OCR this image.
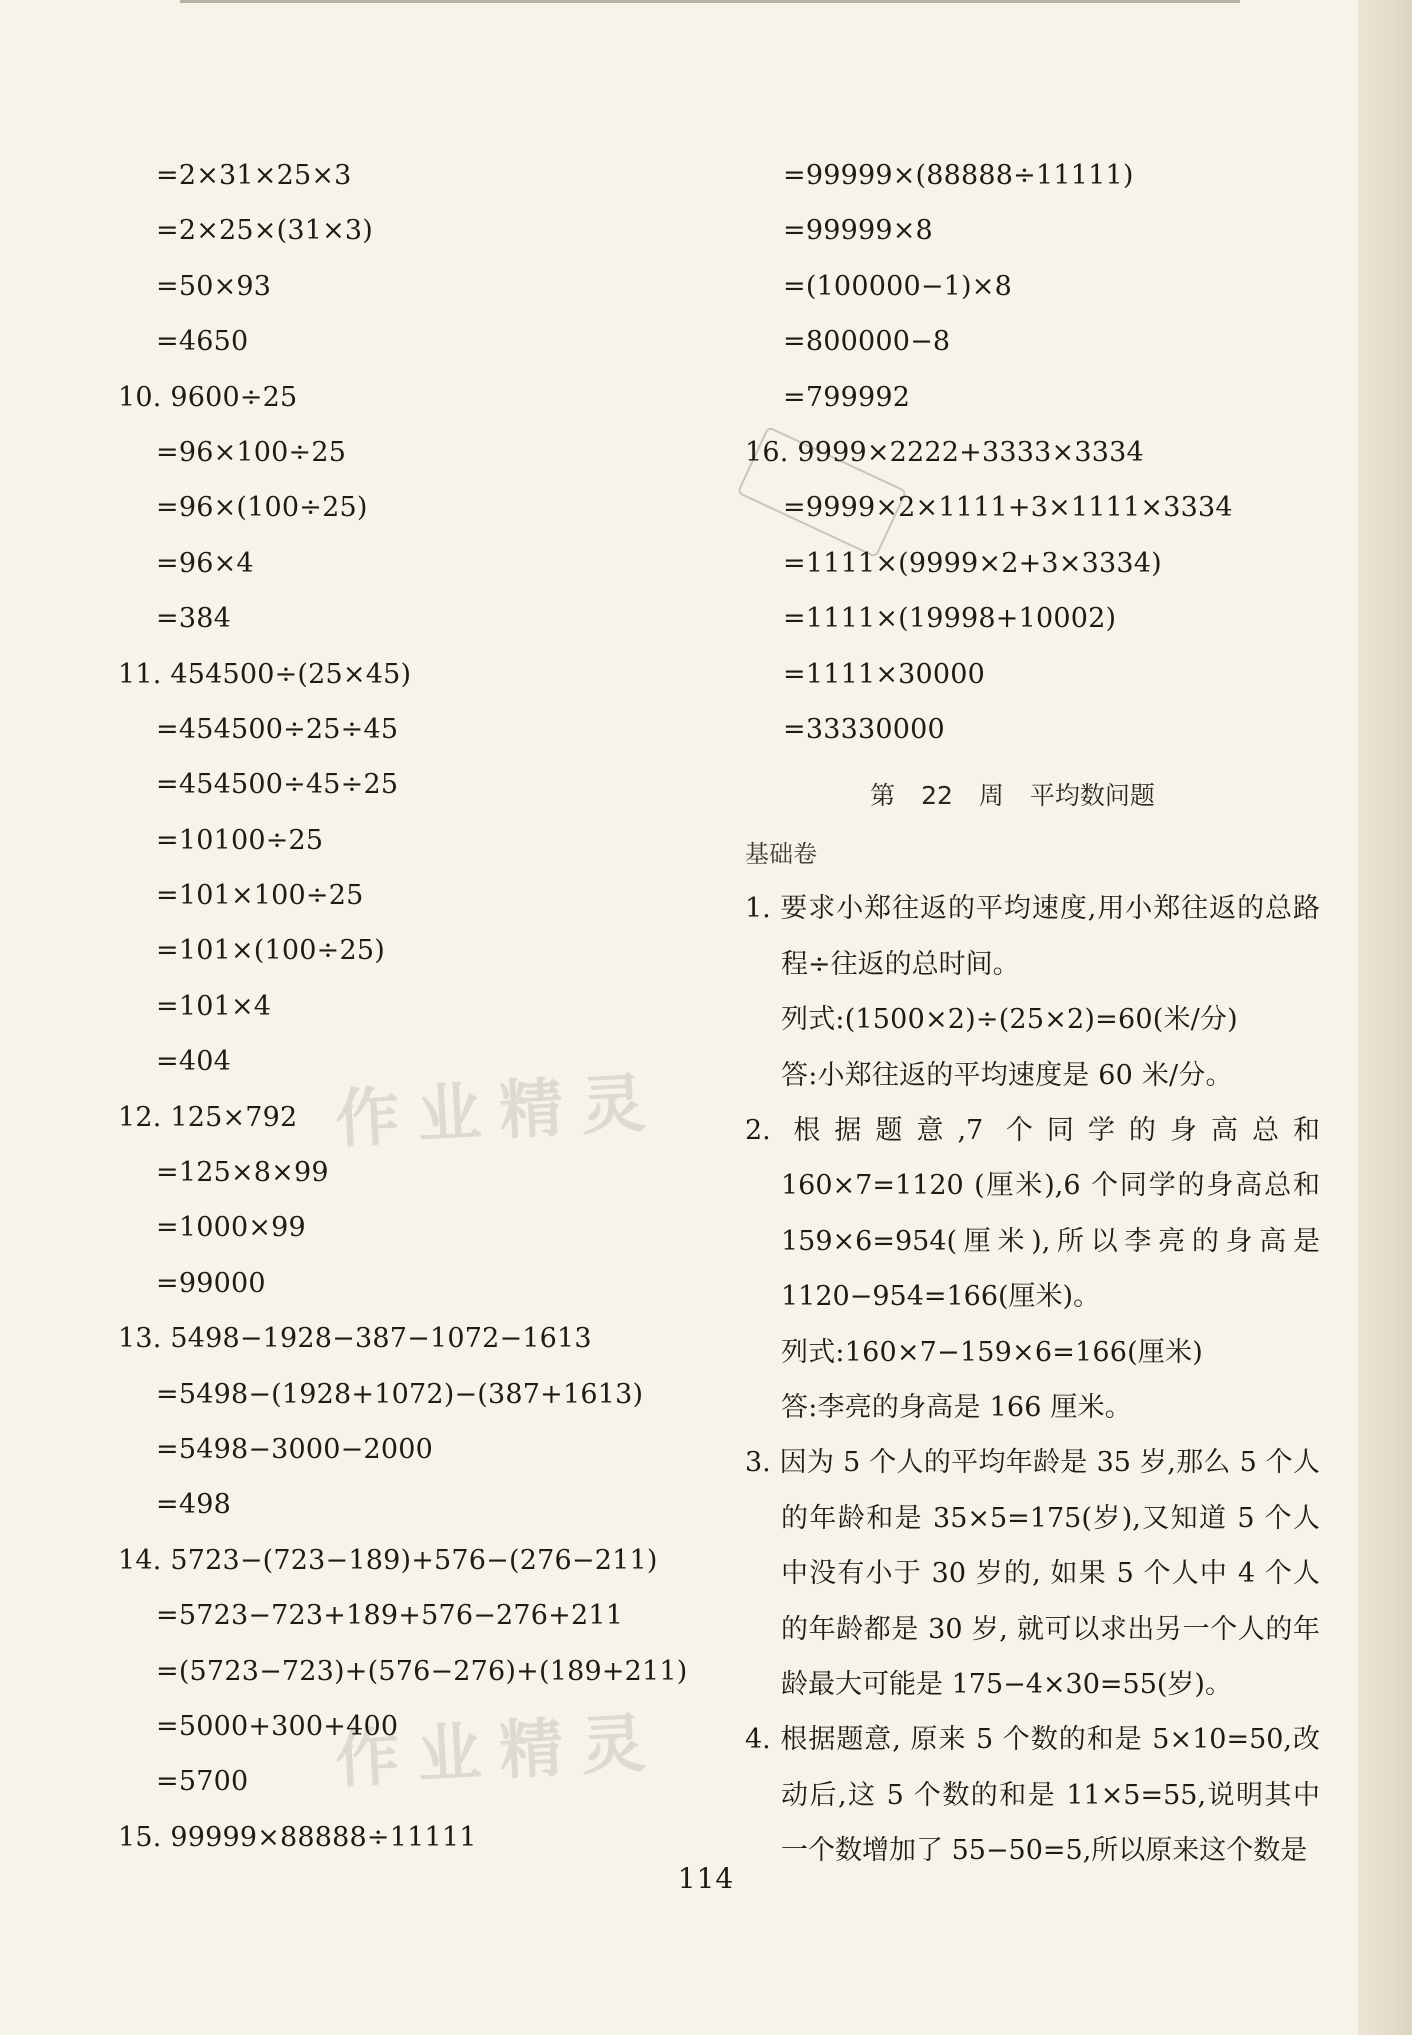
作业精灵
作业精灵
=2×31×25×3
=2×25×(31×3)
=50×93
=4650
10. 9600÷25
=96×100÷25
=96×(100÷25)
=96×4
=384
11. 454500÷(25×45)
=454500÷25÷45
=454500÷45÷25
=10100÷25
=101×100÷25
=101×(100÷25)
=101×4
=404
12. 125×792
=125×8×99
=1000×99
=99000
13. 5498−1928−387−1072−1613
=5498−(1928+1072)−(387+1613)
=5498−3000−2000
=498
14. 5723−(723−189)+576−(276−211)
=5723−723+189+576−276+211
=(5723−723)+(576−276)+(189+211)
=5000+300+400
=5700
15. 99999×88888÷11111
=99999×(88888÷11111)
=99999×8
=(100000−1)×8
=800000−8
=799992
16. 9999×2222+3333×3334
=9999×2×1111+3×1111×3334
=1111×(9999×2+3×3334)
=1111×(19998+10002)
=1111×30000
=33330000
第 22 周 平均数问题
基础卷
1. 要求小郑往返的平均速度,用小郑往返的总路程÷往返的总时间。
列式:(1500×2)÷(25×2)=60(米/分)
答:小郑往返的平均速度是 60 米/分。
2. 根据题意,7 个同学的身高总和 160×7=1120 (厘米),6 个同学的身高总和 159×6=954(厘米),所以李亮的身高是 1120−954=166(厘米)。
列式:160×7−159×6=166(厘米)
答:李亮的身高是 166 厘米。
3. 因为 5 个人的平均年龄是 35 岁,那么 5 个人的年龄和是 35×5=175(岁),又知道 5 个人中没有小于 30 岁的, 如果 5 个人中 4 个人的年龄都是 30 岁, 就可以求出另一个人的年龄最大可能是 175−4×30=55(岁)。
4. 根据题意, 原来 5 个数的和是 5×10=50,改动后,这 5 个数的和是 11×5=55,说明其中一个数增加了 55−50=5,所以原来这个数是
114
